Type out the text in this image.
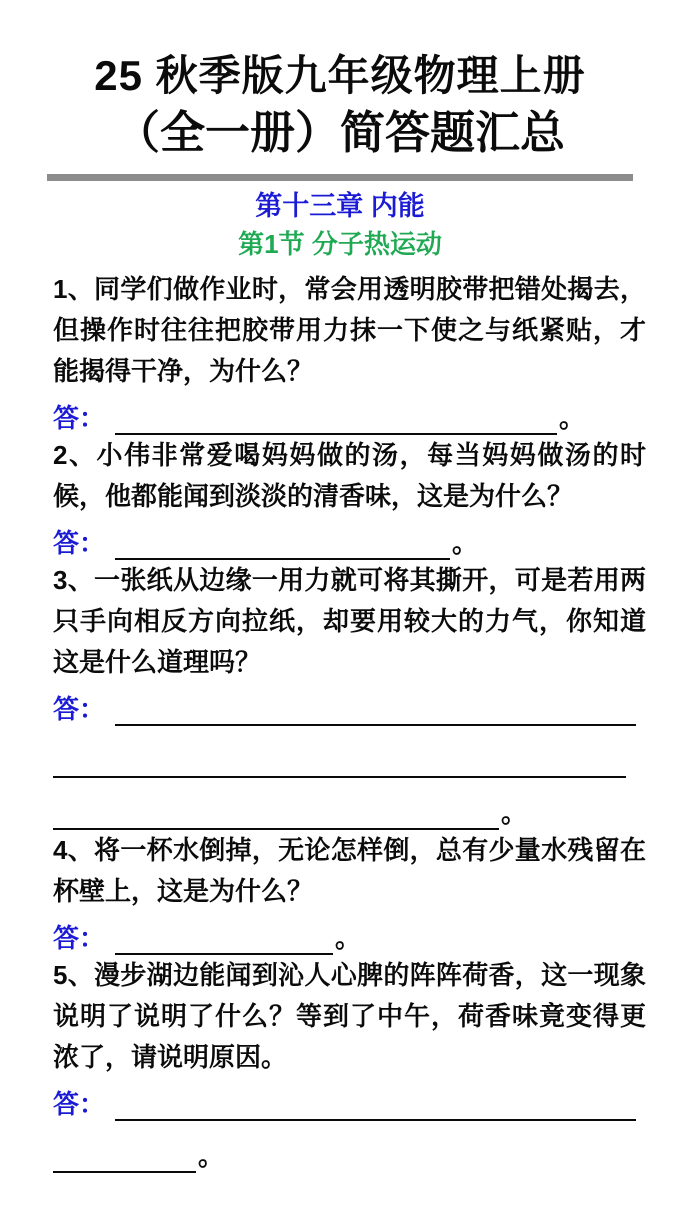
25 秋季版九年级物理上册
（全一册）简答题汇总
第十三章 内能
第1节 分子热运动

1、同学们做作业时，常会用透明胶带把错处揭去，但操作时往往把胶带用力抹一下使之与纸紧贴，才能揭得干净，为什么？

答：	。

2、小伟非常爱喝妈妈做的汤，每当妈妈做汤的时候，他都能闻到淡淡的清香味，这是为什么？

答：	。

3、一张纸从边缘一用力就可将其撕开，可是若用两只手向相反方向拉纸，却要用较大的力气，你知道这是什么道理吗？

答：
。

4、将一杯水倒掉，无论怎样倒，总有少量水残留在杯壁上，这是为什么？

答：	。

5、漫步湖边能闻到沁人心脾的阵阵荷香，这一现象说明了说明了什么？等到了中午，荷香味竟变得更浓了，请说明原因。

答：
。
